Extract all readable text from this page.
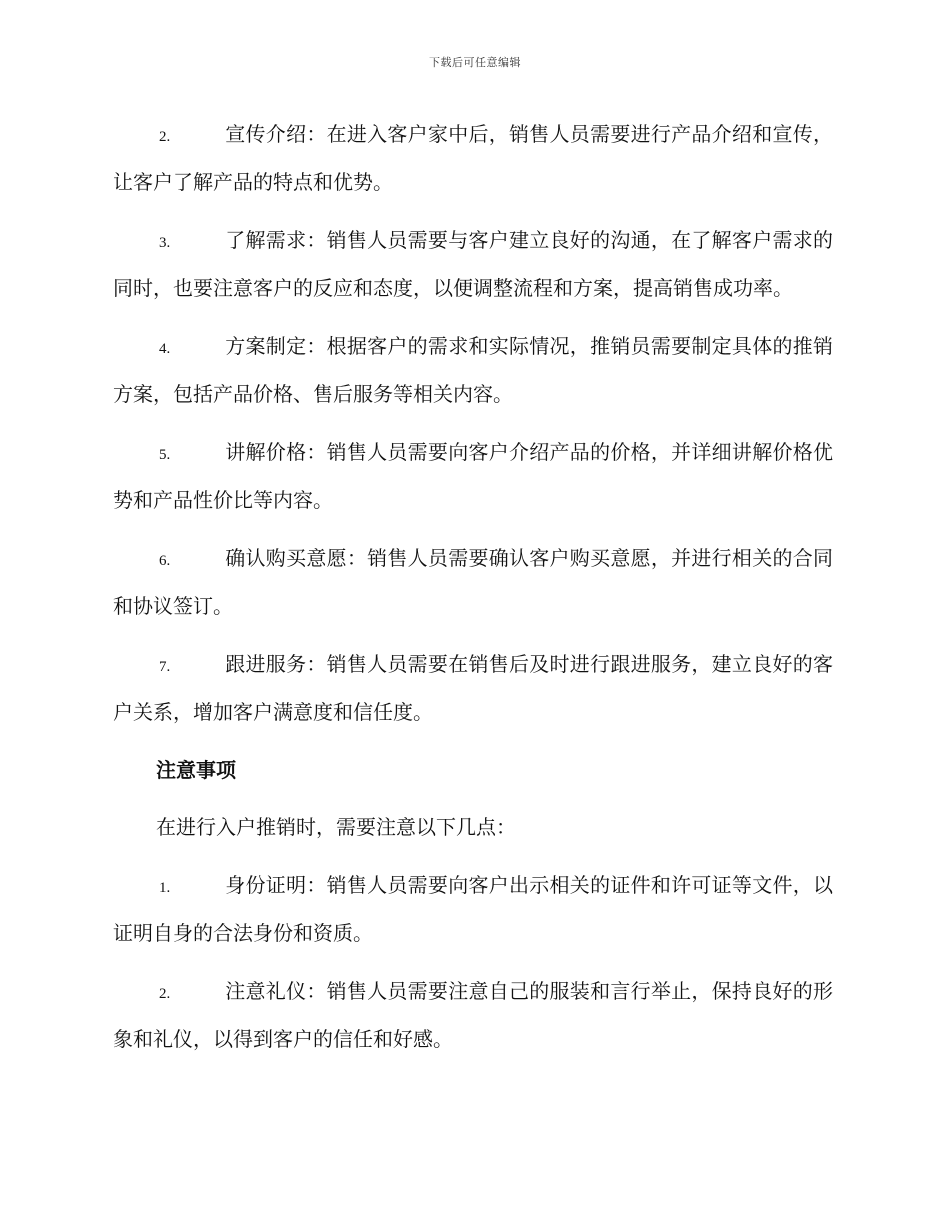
下载后可任意编辑

2.	宣传介绍：在进入客户家中后，销售人员需要进行产品介绍和宣传，让客户了解产品的特点和优势。

3.	了解需求：销售人员需要与客户建立良好的沟通，在了解客户需求的同时，也要注意客户的反应和态度，以便调整流程和方案，提高销售成功率。

4.	方案制定：根据客户的需求和实际情况，推销员需要制定具体的推销方案，包括产品价格、售后服务等相关内容。

5.	讲解价格：销售人员需要向客户介绍产品的价格，并详细讲解价格优势和产品性价比等内容。

6.	确认购买意愿：销售人员需要确认客户购买意愿，并进行相关的合同和协议签订。

7.	跟进服务：销售人员需要在销售后及时进行跟进服务，建立良好的客户关系，增加客户满意度和信任度。

注意事项

在进行入户推销时，需要注意以下几点：

1.	身份证明：销售人员需要向客户出示相关的证件和许可证等文件，以证明自身的合法身份和资质。

2.	注意礼仪：销售人员需要注意自己的服装和言行举止，保持良好的形象和礼仪，以得到客户的信任和好感。
